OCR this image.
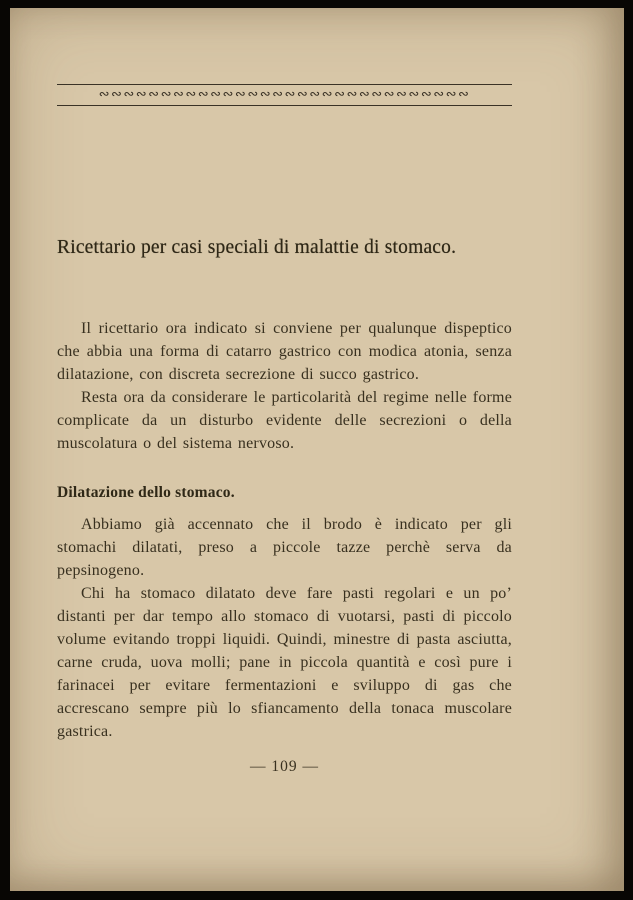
∾∾∾∾∾∾∾∾∾∾∾∾∾∾∾∾∾∾∾∾∾∾∾∾∾∾∾∾∾∾
Ricettario per casi speciali di malattie di stomaco.

Il ricettario ora indicato si conviene per qualunque dispeptico che abbia una forma di catarro gastrico con modica atonia, senza dilatazione, con discreta secrezione di succo gastrico.

Resta ora da considerare le particolarità del regime nelle forme complicate da un disturbo evidente delle secrezioni o della muscolatura o del sistema nervoso.

Dilatazione dello stomaco.

Abbiamo già accennato che il brodo è indicato per gli stomachi dilatati, preso a piccole tazze perchè serva da pepsinogeno.

Chi ha stomaco dilatato deve fare pasti regolari e un po’ distanti per dar tempo allo stomaco di vuotarsi, pasti di piccolo volume evitando troppi liquidi. Quindi, minestre di pasta asciutta, carne cruda, uova molli; pane in piccola quantità e così pure i farinacei per evitare fermentazioni e sviluppo di gas che accrescano sempre più lo sfiancamento della tonaca muscolare gastrica.

— 109 —
